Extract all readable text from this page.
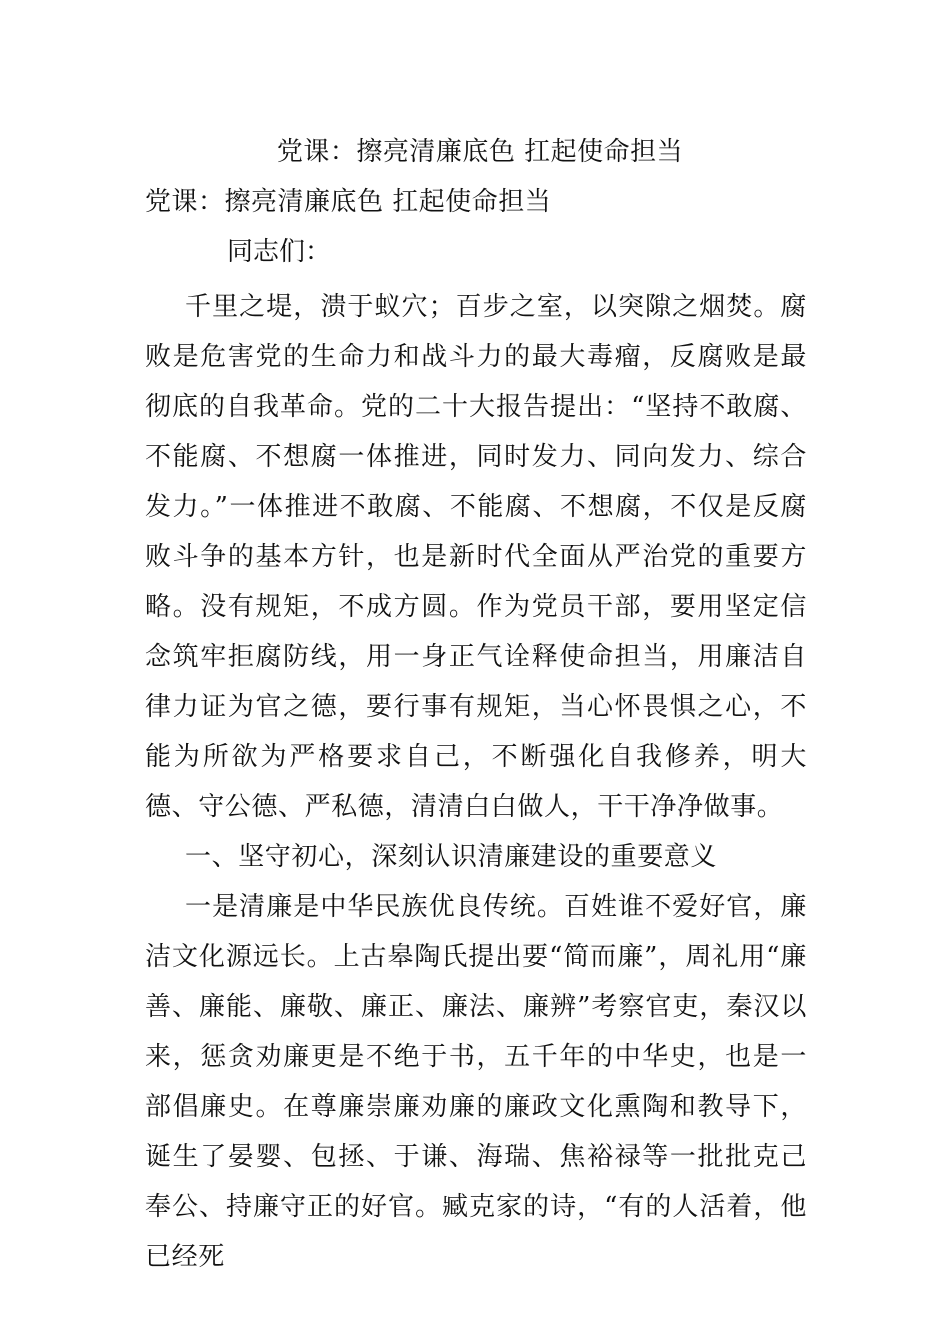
党课：擦亮清廉底色 扛起使命担当
党课：擦亮清廉底色 扛起使命担当
同志们：

千里之堤，溃于蚁穴；百步之室，以突隙之烟焚。腐败是危害党的生命力和战斗力的最大毒瘤，反腐败是最彻底的自我革命。党的二十大报告提出：“坚持不敢腐、不能腐、不想腐一体推进，同时发力、同向发力、综合发力。”一体推进不敢腐、不能腐、不想腐，不仅是反腐败斗争的基本方针，也是新时代全面从严治党的重要方略。没有规矩，不成方圆。作为党员干部，要用坚定信念筑牢拒腐防线，用一身正气诠释使命担当，用廉洁自律力证为官之德，要行事有规矩，当心怀畏惧之心，不能为所欲为严格要求自己，不断强化自我修养，明大德、守公德、严私德，清清白白做人，干干净净做事。

一、坚守初心，深刻认识清廉建设的重要意义

一是清廉是中华民族优良传统。百姓谁不爱好官，廉洁文化源远长。上古皋陶氏提出要“简而廉”，周礼用“廉善、廉能、廉敬、廉正、廉法、廉辨”考察官吏，秦汉以来，惩贪劝廉更是不绝于书，五千年的中华史，也是一部倡廉史。在尊廉崇廉劝廉的廉政文化熏陶和教导下，诞生了晏婴、包拯、于谦、海瑞、焦裕禄等一批批克己奉公、持廉守正的好官。臧克家的诗，“有的人活着，他已经死
